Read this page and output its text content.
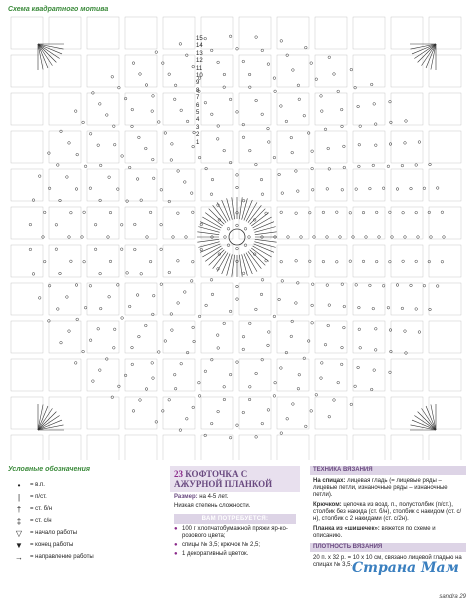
Схема квадратного мотива
15
14
13
12
11
10
9
8
7
6
5
4
3
2
1
Условные обозначения
•	= в.п.
|	= п/ст.
†	= ст. б/н
‡	= ст. с/н
▽	= начало работы
▼	= конец работы
→	= направление работы
23 КОФТОЧКА С АЖУРНОЙ ПЛАНКОЙ
Размер: на 4-5 лет.
Низкая степень сложности.
ВАМ ПОТРЕБУЕТСЯ:
● 100 г хлопчатобумажной пряжи яр-ко-розового цвета;
● спицы № 3,5; крючок № 2,5;
● 1 декоративный цветок.
ТЕХНИКА ВЯЗАНИЯ

На спицах: лицевая гладь (= лицевые ряды – лицевые петли, изнаночные ряды – изнаночные петли).

Крючком: цепочка из возд. п., полустолбик (п/ст.), столбик без накида (ст. б/н), столбик с накидом (ст. с/н), столбик с 2 накидами (ст. с/2н).

Планка из «шишечек»: вяжется по схеме и описанию.

ПЛОТНОСТЬ ВЯЗАНИЯ

20 п. х 32 р. = 10 х 10 см, связано лицевой гладью на спицах № 3,5. Страна Мам
sandra 29
